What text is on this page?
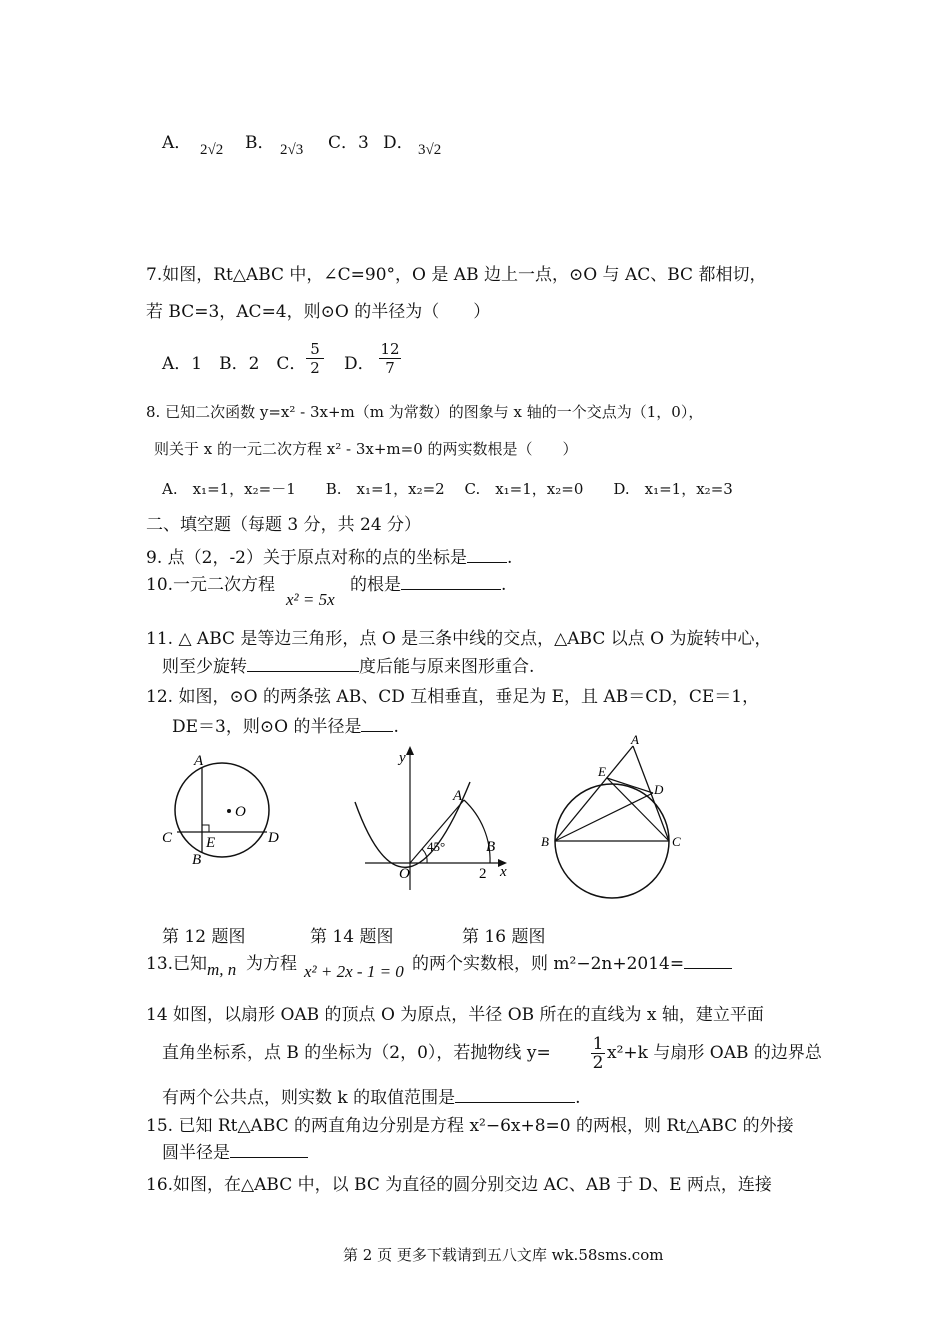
A． 2√2 B． 2√3 C．3 D． 3√2
7.如图，Rt△ABC 中，∠C=90°，O 是 AB 边上一点，⊙O 与 AC、BC 都相切，
若 BC=3，AC=4，则⊙O 的半径为（　　）
A．1　B．2　C． $\frac{5}{2}$ D． $\frac{12}{7}$
8. 已知二次函数 y=x² - 3x+m（m 为常数）的图象与 x 轴的一个交点为（1，0），
则关于 x 的一元二次方程 x² - 3x+m=0 的两实数根是（　　）
A.　x₁=1，x₂=－1　　B.　x₁=1，x₂=2　 C.　x₁=1，x₂=0　　D.　x₁=1，x₂=3
二、填空题（每题 3 分，共 24 分）
9. 点（2，-2）关于原点对称的点的坐标是 .
10.一元二次方程
x² = 5x
的根是	.
11. △ ABC 是等边三角形，点 O 是三条中线的交点，△ABC 以点 O 为旋转中心，
则至少旋转	度后能与原来图形重合.
12. 如图，⊙O 的两条弦 AB、CD 互相垂直，垂足为 E，且 AB＝CD，CE＝1，
DE＝3，则⊙O 的半径是 .
A
O
C E
B
D
y
A
45°
O
B
2 x
A
E
D
B	C
第 12 题图	第 14 题图	第 16 题图
13.已知 m, n 为方程 x² + 2x - 1 = 0 的两个实数根，则 m²−2n+2014=
14 如图，以扇形 OAB 的顶点 O 为原点，半径 OB 所在的直线为 x 轴，建立平面
直角坐标系，点 B 的坐标为（2，0），若抛物线 $y= \frac{1}{2} x^2+k$ 与扇形 OAB 的边界总
有两个公共点，则实数 k 的取值范围是	.
15. 已知 Rt△ABC 的两直角边分别是方程 x²−6x+8=0 的两根，则 Rt△ABC 的外接
圆半径是
16.如图，在△ABC 中，以 BC 为直径的圆分别交边 AC、AB 于 D、E 两点，连接
第 2 页 更多下载请到五八文库 wk.58sms.com
